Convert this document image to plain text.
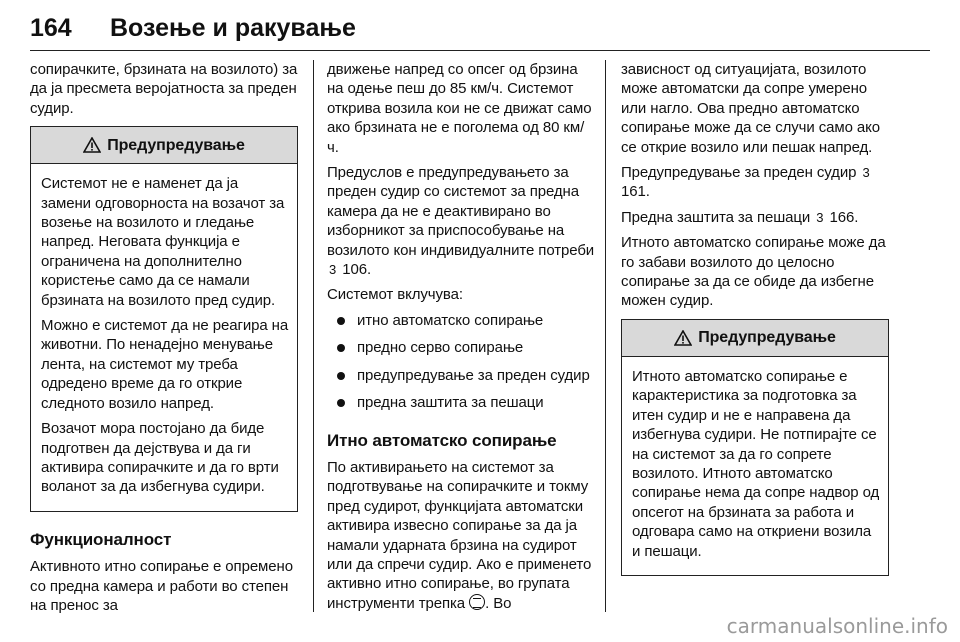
164	Возење и ракување

сопирачките, брзината на возилото) за да ја пресмета веројатноста за преден судир.

Предупредување

Системот не е наменет да ја замени одговорноста на возачот за возење на возилото и гледање напред. Неговата функција е ограничена на дополнително користење само да се намали брзината на возилото пред судир.

Можно е системот да не реагира на животни. По ненадејно менување лента, на системот му треба одредено време да го открие следното возило напред.

Возачот мора постојано да биде подготвен да дејствува и да ги активира сопирачките и да го врти воланот за да избегнува судири.

Функционалност

Активното итно сопирање е опремено со предна камера и работи во степен на пренос за

движење напред со опсег од брзина на одење пеш до 85 км/ч. Системот открива возила кои не се движат само ако брзината не е поголема од 80 км/ч.

Предуслов е предупредувањето за преден судир со системот за предна камера да не е деактивирано во изборникот за приспособување на возилото кон индивидуалните потреби 3 106.

Системот вклучува:

итно автоматско сопирање
предно серво сопирање
предупредување за преден судир
предна заштита за пешаци
Итно автоматско сопирање

По активирањето на системот за подготвување на сопирачките и токму пред судирот, функцијата автоматски активира извесно сопирање за да ја намали ударната брзина на судирот или да спречи судир. Ако е применето активно итно сопирање, во групата инструменти трепка . Во

зависност од ситуацијата, возилото може автоматски да сопре умерено или нагло. Ова предно автоматско сопирање може да се случи само ако се открие возило или пешак напред.

Предупредување за преден судир 3 161.

Предна заштита за пешаци 3 166.

Итното автоматско сопирање може да го забави возилото до целосно сопирање за да се обиде да избегне можен судир.

Предупредување

Итното автоматско сопирање е карактеристика за подготовка за итен судир и не е направена да избегнува судири. Не потпирајте се на системот за да го сопрете возилото. Итното автоматско сопирање нема да сопре надвор од опсегот на брзината за работа и одговара само на откриени возила и пешаци.

carmanualsonline.info
